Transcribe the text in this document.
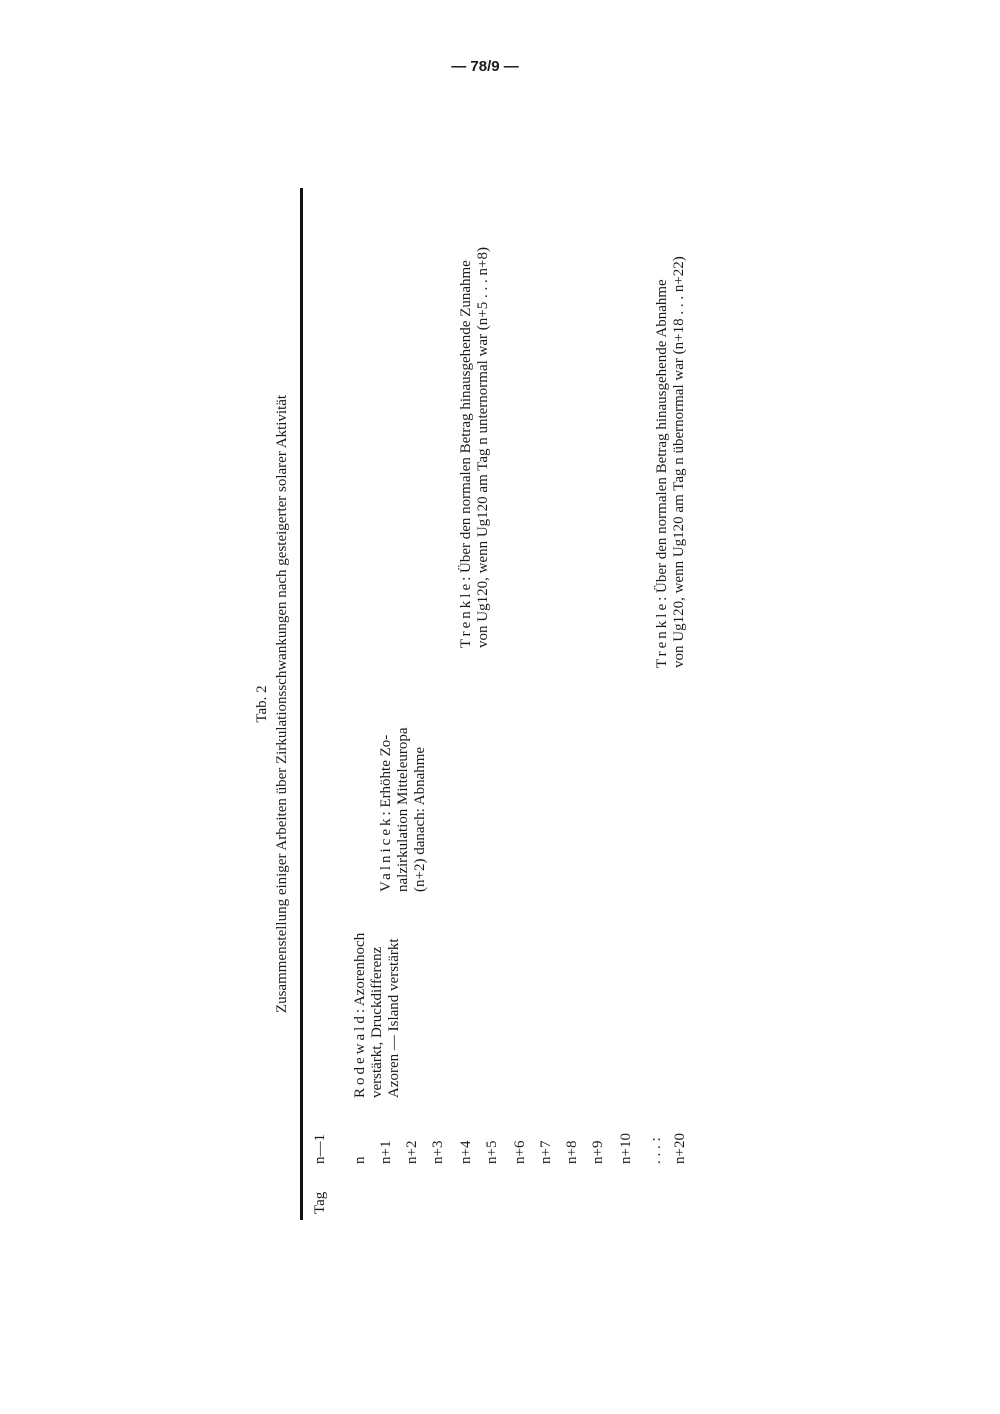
— 78/9 —
Tab. 2 Zusammenstellung einiger Arbeiten über Zirkulationsschwankungen nach gesteigerter solarer Aktivität
Tag
n—1 n n+1 n+2 n+3 n+4 n+5 n+6 n+7 n+8 n+9 n+10 . . . : n+20
Rodewald: Azorenhoch verstärkt, Druckdifferenz Azoren — Island verstärkt
Valnicek: Erhöhte Zo- nalzirkulation Mitteleuropa (n+2) danach: Abnahme
Trenkle: Über den normalen Betrag hinausgehende Zunahme von Ug120, wenn Ug120 am Tag n unternormal war (n+5 . . . n+8)	Trenkle: Über den normalen Betrag hinausgehende Abnahme von Ug120, wenn Ug120 am Tag n übernormal war (n+18 . . . n+22)
